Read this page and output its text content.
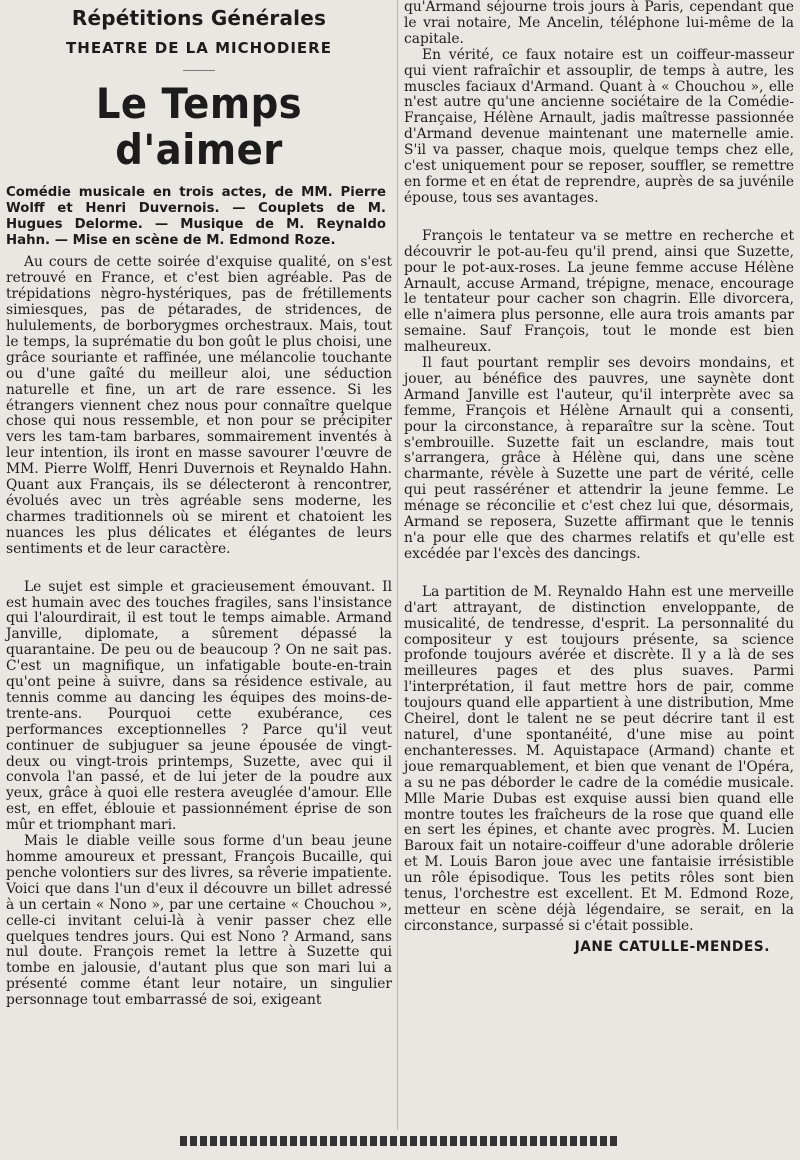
Répétitions Générales
THEATRE DE LA MICHODIERE
Le Temps d'aimer
Comédie musicale en trois actes, de MM. Pierre Wolff et Henri Duvernois. — Couplets de M. Hugues Delorme. — Musique de M. Reynaldo Hahn. — Mise en scène de M. Edmond Roze.

Au cours de cette soirée d'exquise qualité, on s'est retrouvé en France, et c'est bien agréable. Pas de trépidations nègro-hystériques, pas de frétillements simiesques, pas de pétarades, de stridences, de hululements, de borborygmes orchestraux. Mais, tout le temps, la suprématie du bon goût le plus choisi, une grâce souriante et raffinée, une mélancolie touchante ou d'une gaîté du meilleur aloi, une séduction naturelle et fine, un art de rare essence. Si les étrangers viennent chez nous pour connaître quelque chose qui nous ressemble, et non pour se précipiter vers les tam-tam barbares, sommairement inventés à leur intention, ils iront en masse savourer l'œuvre de MM. Pierre Wolff, Henri Duvernois et Reynaldo Hahn. Quant aux Français, ils se délecteront à rencontrer, évolués avec un très agréable sens moderne, les charmes traditionnels où se mirent et chatoient les nuances les plus délicates et élégantes de leurs sentiments et de leur caractère.

Le sujet est simple et gracieusement émouvant. Il est humain avec des touches fragiles, sans l'insistance qui l'alourdirait, il est tout le temps aimable. Armand Janville, diplomate, a sûrement dépassé la quarantaine. De peu ou de beaucoup ? On ne sait pas. C'est un magnifique, un infatigable boute-en-train qu'ont peine à suivre, dans sa résidence estivale, au tennis comme au dancing les équipes des moins-de-trente-ans. Pourquoi cette exubérance, ces performances exceptionnelles ? Parce qu'il veut continuer de subjuguer sa jeune épousée de vingt-deux ou vingt-trois printemps, Suzette, avec qui il convola l'an passé, et de lui jeter de la poudre aux yeux, grâce à quoi elle restera aveuglée d'amour. Elle est, en effet, éblouie et passionnément éprise de son mûr et triomphant mari.

Mais le diable veille sous forme d'un beau jeune homme amoureux et pressant, François Bucaille, qui penche volontiers sur des livres, sa rêverie impatiente. Voici que dans l'un d'eux il découvre un billet adressé à un certain « Nono », par une certaine « Chouchou », celle-ci invitant celui-là à venir passer chez elle quelques tendres jours. Qui est Nono ? Armand, sans nul doute. François remet la lettre à Suzette qui tombe en jalousie, d'autant plus que son mari lui a présenté comme étant leur notaire, un singulier personnage tout embarrassé de soi, exigeant

qu'Armand séjourne trois jours à Paris, cependant que le vrai notaire, Me Ancelin, téléphone lui-même de la capitale.

En vérité, ce faux notaire est un coiffeur-masseur qui vient rafraîchir et assouplir, de temps à autre, les muscles faciaux d'Armand. Quant à « Chouchou », elle n'est autre qu'une ancienne sociétaire de la Comédie-Française, Hélène Arnault, jadis maîtresse passionnée d'Armand devenue maintenant une maternelle amie. S'il va passer, chaque mois, quelque temps chez elle, c'est uniquement pour se reposer, souffler, se remettre en forme et en état de reprendre, auprès de sa juvénile épouse, tous ses avantages.

François le tentateur va se mettre en recherche et découvrir le pot-au-feu qu'il prend, ainsi que Suzette, pour le pot-aux-roses. La jeune femme accuse Hélène Arnault, accuse Armand, trépigne, menace, encourage le tentateur pour cacher son chagrin. Elle divorcera, elle n'aimera plus personne, elle aura trois amants par semaine. Sauf François, tout le monde est bien malheureux.

Il faut pourtant remplir ses devoirs mondains, et jouer, au bénéfice des pauvres, une saynète dont Armand Janville est l'auteur, qu'il interprète avec sa femme, François et Hélène Arnault qui a consenti, pour la circonstance, à reparaître sur la scène. Tout s'embrouille. Suzette fait un esclandre, mais tout s'arrangera, grâce à Hélène qui, dans une scène charmante, révèle à Suzette une part de vérité, celle qui peut rasséréner et attendrir la jeune femme. Le ménage se réconcilie et c'est chez lui que, désormais, Armand se reposera, Suzette affirmant que le tennis n'a pour elle que des charmes relatifs et qu'elle est excédée par l'excès des dancings.

La partition de M. Reynaldo Hahn est une merveille d'art attrayant, de distinction enveloppante, de musicalité, de tendresse, d'esprit. La personnalité du compositeur y est toujours présente, sa science profonde toujours avérée et discrète. Il y a là de ses meilleures pages et des plus suaves. Parmi l'interprétation, il faut mettre hors de pair, comme toujours quand elle appartient à une distribution, Mme Cheirel, dont le talent ne se peut décrire tant il est naturel, d'une spontanéité, d'une mise au point enchanteresses. M. Aquistapace (Armand) chante et joue remarquablement, et bien que venant de l'Opéra, a su ne pas déborder le cadre de la comédie musicale. Mlle Marie Dubas est exquise aussi bien quand elle montre toutes les fraîcheurs de la rose que quand elle en sert les épines, et chante avec progrès. M. Lucien Baroux fait un notaire-coiffeur d'une adorable drôlerie et M. Louis Baron joue avec une fantaisie irrésistible un rôle épisodique. Tous les petits rôles sont bien tenus, l'orchestre est excellent. Et M. Edmond Roze, metteur en scène déjà légendaire, se serait, en la circonstance, surpassé si c'était possible.

JANE CATULLE-MENDES.
